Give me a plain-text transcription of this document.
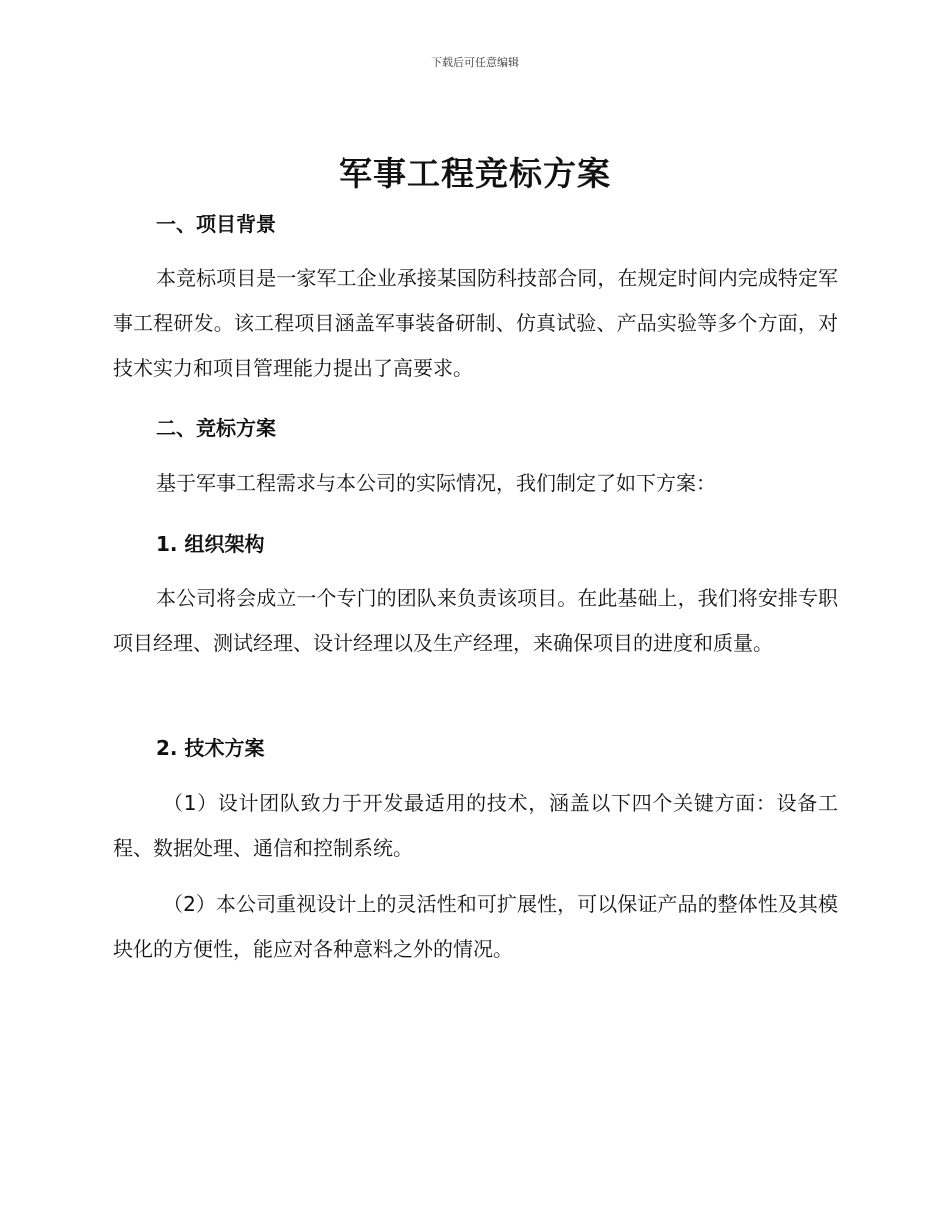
下载后可任意编辑
军事工程竞标方案
一、项目背景

本竞标项目是一家军工企业承接某国防科技部合同，在规定时间内完成特定军事工程研发。该工程项目涵盖军事装备研制、仿真试验、产品实验等多个方面，对技术实力和项目管理能力提出了高要求。

二、竞标方案

基于军事工程需求与本公司的实际情况，我们制定了如下方案：

1. 组织架构

本公司将会成立一个专门的团队来负责该项目。在此基础上，我们将安排专职项目经理、测试经理、设计经理以及生产经理，来确保项目的进度和质量。

2. 技术方案

（1）设计团队致力于开发最适用的技术，涵盖以下四个关键方面：设备工程、数据处理、通信和控制系统。

（2）本公司重视设计上的灵活性和可扩展性，可以保证产品的整体性及其模块化的方便性，能应对各种意料之外的情况。
